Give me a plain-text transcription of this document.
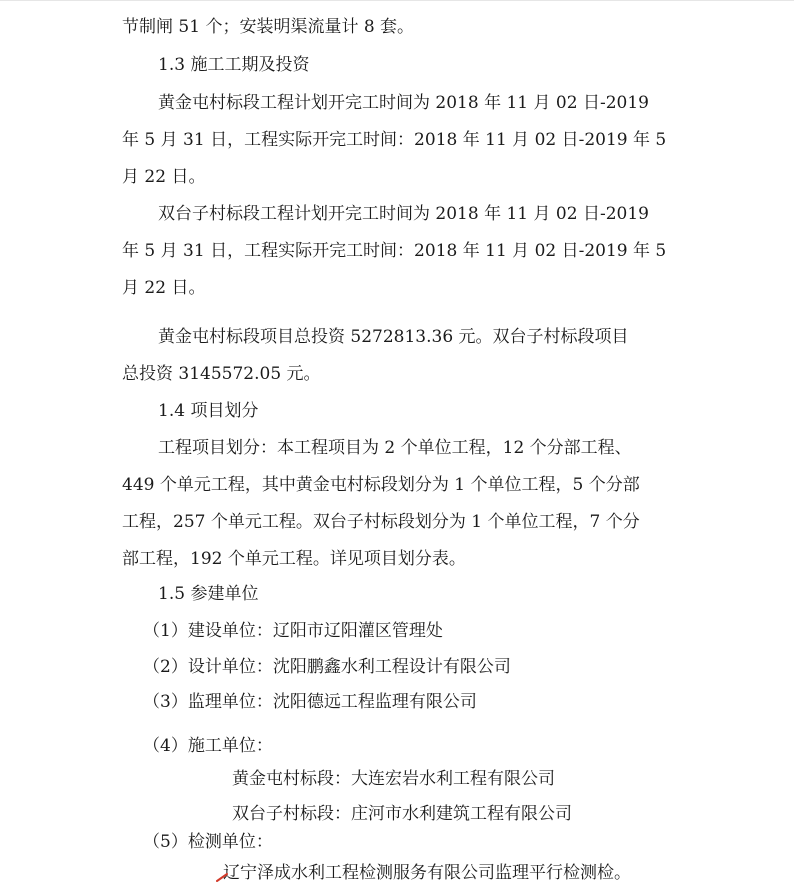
节制闸 51 个；安装明渠流量计 8 套。
1.3 施工工期及投资
黄金屯村标段工程计划开完工时间为 2018 年 11 月 02 日-2019
年 5 月 31 日，工程实际开完工时间：2018 年 11 月 02 日-2019 年 5
月 22 日。
双台子村标段工程计划开完工时间为 2018 年 11 月 02 日-2019
年 5 月 31 日，工程实际开完工时间：2018 年 11 月 02 日-2019 年 5
月 22 日。
黄金屯村标段项目总投资 5272813.36 元。双台子村标段项目
总投资 3145572.05 元。
1.4 项目划分
工程项目划分：本工程项目为 2 个单位工程，12 个分部工程、
449 个单元工程，其中黄金屯村标段划分为 1 个单位工程，5 个分部
工程，257 个单元工程。双台子村标段划分为 1 个单位工程，7 个分
部工程，192 个单元工程。详见项目划分表。
1.5 参建单位
（1）建设单位：辽阳市辽阳灌区管理处
（2）设计单位：沈阳鹏鑫水利工程设计有限公司
（3）监理单位：沈阳德远工程监理有限公司
（4）施工单位：
黄金屯村标段：大连宏岩水利工程有限公司
双台子村标段：庄河市水利建筑工程有限公司
（5）检测单位：
辽宁泽成水利工程检测服务有限公司监理平行检测检。
